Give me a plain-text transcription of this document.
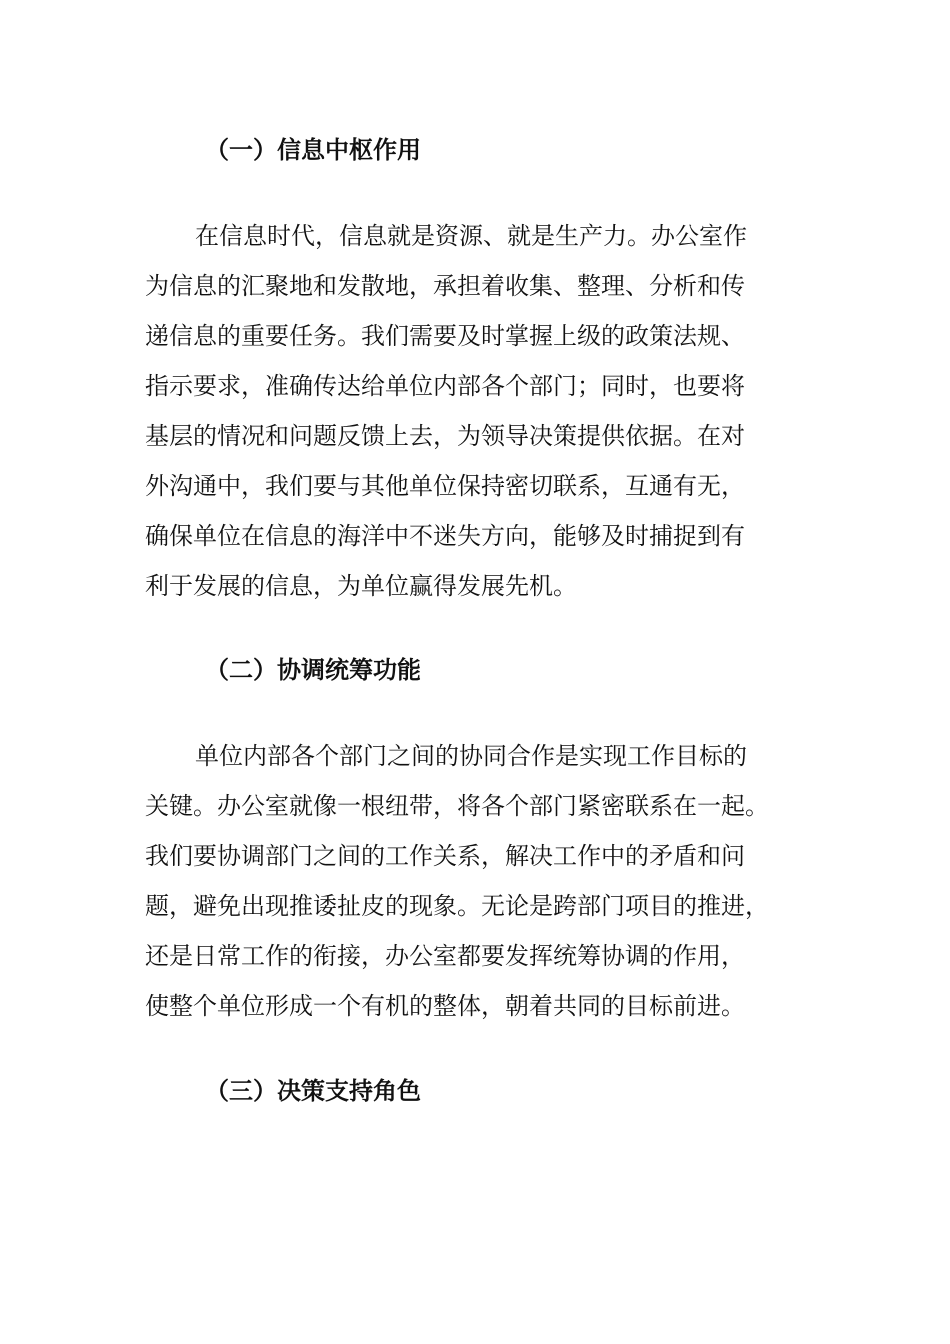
（一）信息中枢作用
在信息时代，信息就是资源、就是生产力。办公室作
为信息的汇聚地和发散地，承担着收集、整理、分析和传
递信息的重要任务。我们需要及时掌握上级的政策法规、
指示要求，准确传达给单位内部各个部门；同时，也要将
基层的情况和问题反馈上去，为领导决策提供依据。在对
外沟通中，我们要与其他单位保持密切联系，互通有无，
确保单位在信息的海洋中不迷失方向，能够及时捕捉到有
利于发展的信息，为单位赢得发展先机。
（二）协调统筹功能
单位内部各个部门之间的协同合作是实现工作目标的
关键。办公室就像一根纽带，将各个部门紧密联系在一起。
我们要协调部门之间的工作关系，解决工作中的矛盾和问
题，避免出现推诿扯皮的现象。无论是跨部门项目的推进，
还是日常工作的衔接，办公室都要发挥统筹协调的作用，
使整个单位形成一个有机的整体，朝着共同的目标前进。
（三）决策支持角色
